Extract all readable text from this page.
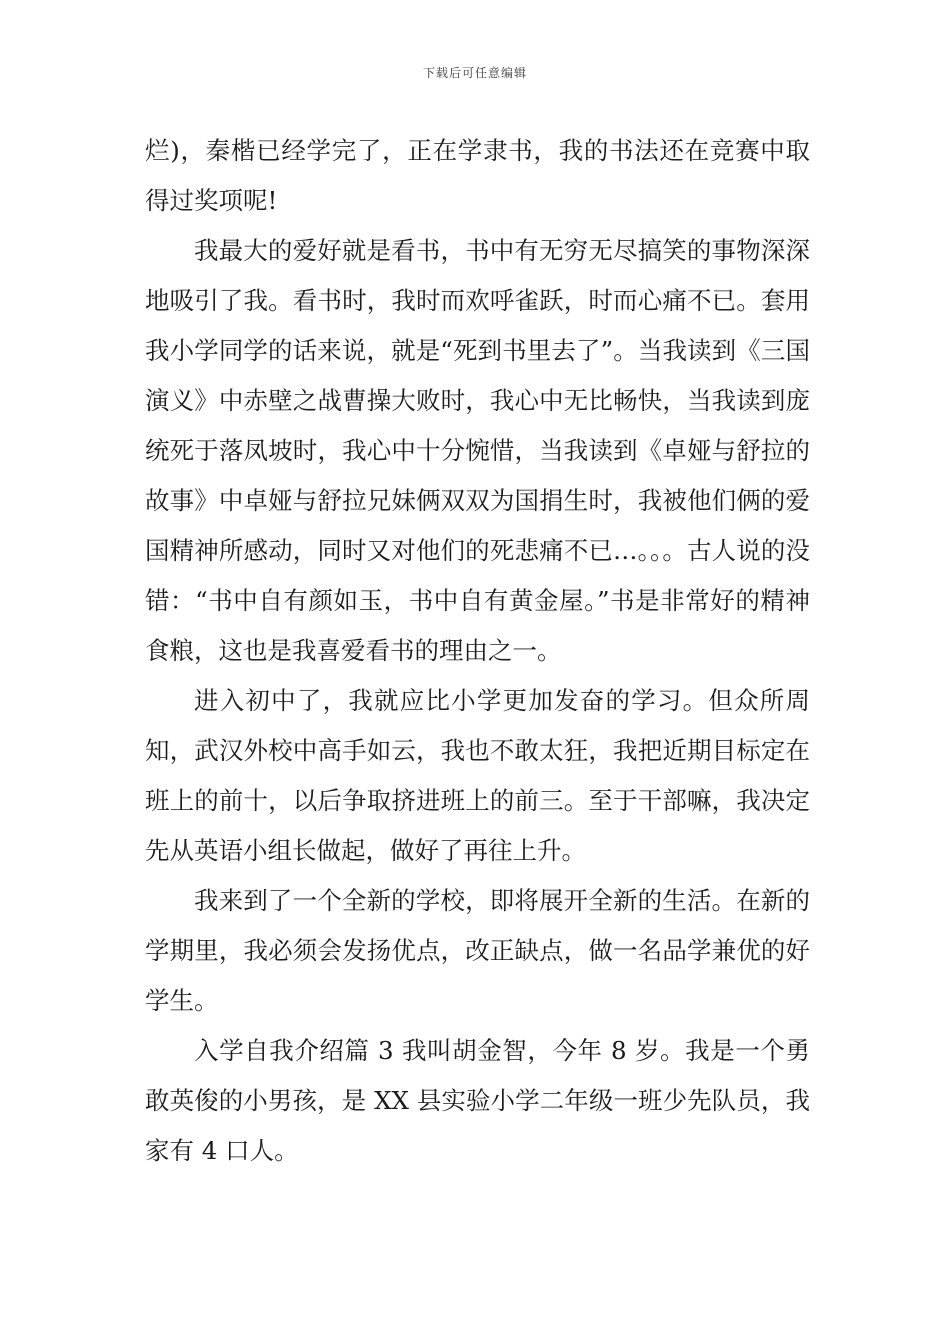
下载后可任意编辑

烂)，秦楷已经学完了，正在学隶书，我的书法还在竞赛中取得过奖项呢!

我最大的爱好就是看书，书中有无穷无尽搞笑的事物深深地吸引了我。看书时，我时而欢呼雀跃，时而心痛不已。套用我小学同学的话来说，就是“死到书里去了”。当我读到《三国演义》中赤壁之战曹操大败时，我心中无比畅快，当我读到庞统死于落凤坡时，我心中十分惋惜，当我读到《卓娅与舒拉的故事》中卓娅与舒拉兄妹俩双双为国捐生时，我被他们俩的爱国精神所感动，同时又对他们的死悲痛不已…。。。古人说的没错：“书中自有颜如玉，书中自有黄金屋。”书是非常好的精神食粮，这也是我喜爱看书的理由之一。

进入初中了，我就应比小学更加发奋的学习。但众所周知，武汉外校中高手如云，我也不敢太狂，我把近期目标定在班上的前十，以后争取挤进班上的前三。至于干部嘛，我决定先从英语小组长做起，做好了再往上升。

我来到了一个全新的学校，即将展开全新的生活。在新的学期里，我必须会发扬优点，改正缺点，做一名品学兼优的好学生。

入学自我介绍篇 3 我叫胡金智，今年 8 岁。我是一个勇敢英俊的小男孩，是 XX 县实验小学二年级一班少先队员，我家有 4 口人。
